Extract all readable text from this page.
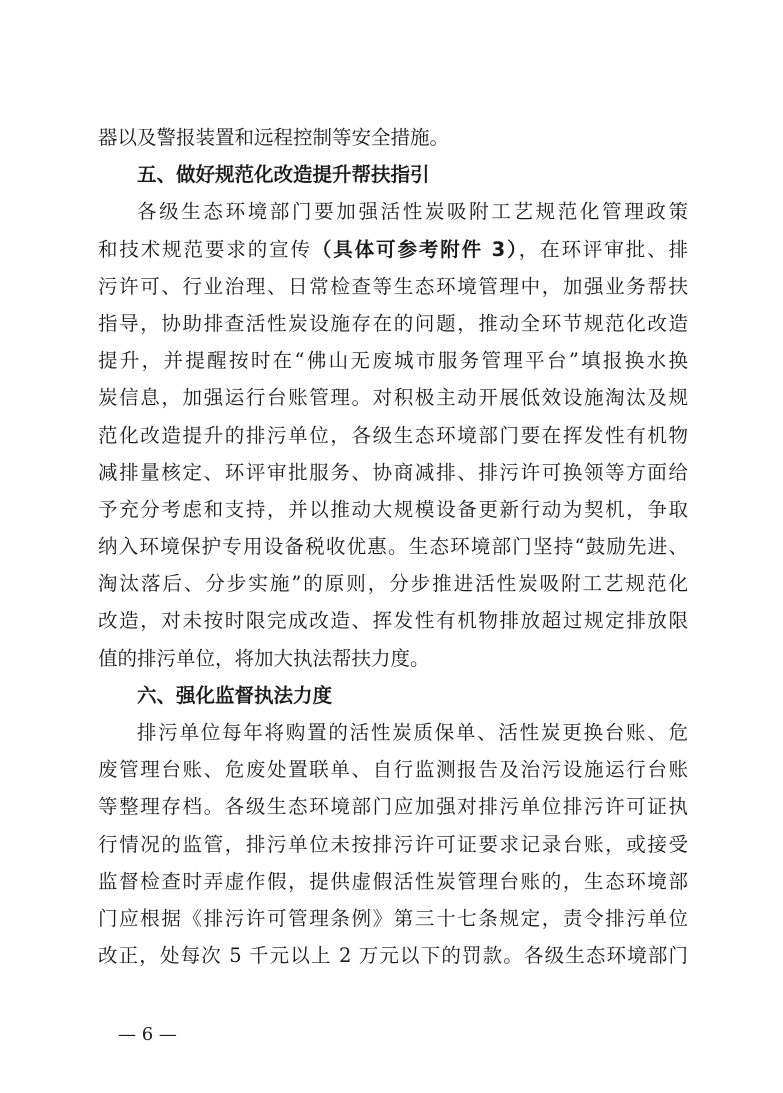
器以及警报装置和远程控制等安全措施。
五、做好规范化改造提升帮扶指引
各级生态环境部门要加强活性炭吸附工艺规范化管理政策
和技术规范要求的宣传（具体可参考附件 3），在环评审批、排
污许可、行业治理、日常检查等生态环境管理中，加强业务帮扶
指导，协助排查活性炭设施存在的问题，推动全环节规范化改造
提升，并提醒按时在“佛山无废城市服务管理平台”填报换水换
炭信息，加强运行台账管理。对积极主动开展低效设施淘汰及规
范化改造提升的排污单位，各级生态环境部门要在挥发性有机物
减排量核定、环评审批服务、协商减排、排污许可换领等方面给
予充分考虑和支持，并以推动大规模设备更新行动为契机，争取
纳入环境保护专用设备税收优惠。生态环境部门坚持“鼓励先进、
淘汰落后、分步实施”的原则，分步推进活性炭吸附工艺规范化
改造，对未按时限完成改造、挥发性有机物排放超过规定排放限
值的排污单位，将加大执法帮扶力度。
六、强化监督执法力度
排污单位每年将购置的活性炭质保单、活性炭更换台账、危
废管理台账、危废处置联单、自行监测报告及治污设施运行台账
等整理存档。各级生态环境部门应加强对排污单位排污许可证执
行情况的监管，排污单位未按排污许可证要求记录台账，或接受
监督检查时弄虚作假，提供虚假活性炭管理台账的，生态环境部
门应根据《排污许可管理条例》第三十七条规定，责令排污单位
改正，处每次 5 千元以上 2 万元以下的罚款。各级生态环境部门
— 6 —
